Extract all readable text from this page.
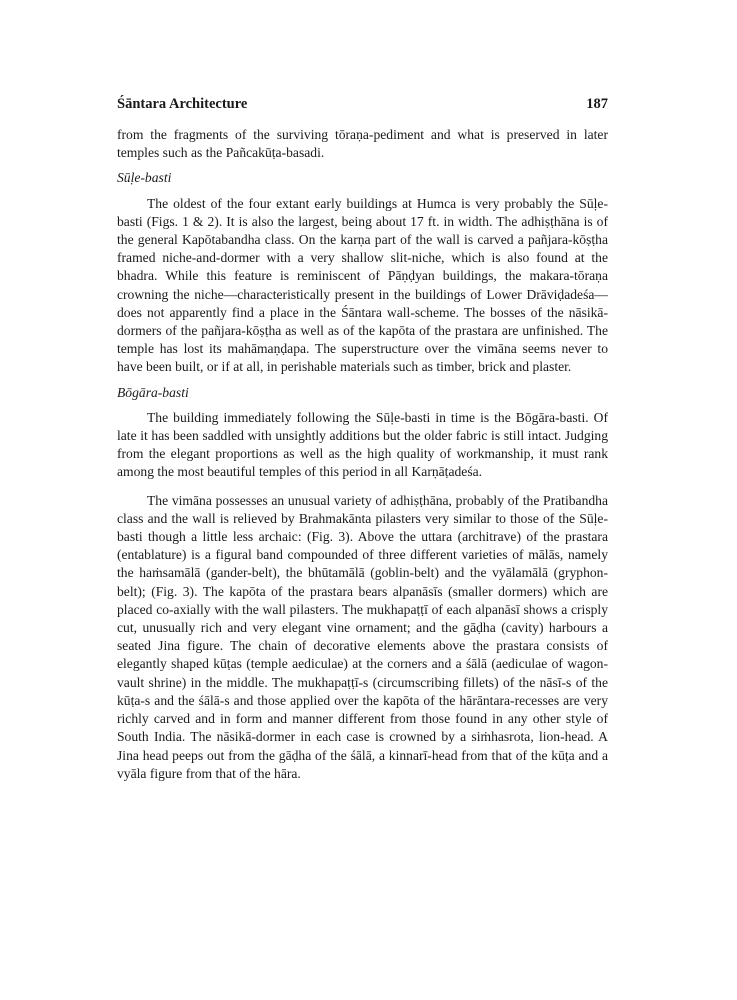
Śāntara Architecture	187

from the fragments of the surviving tōraṇa-pediment and what is preserved in later temples such as the Pañcakūṭa-basadi.

Sūḷe-basti

The oldest of the four extant early buildings at Humca is very probably the Sūḷe-basti (Figs. 1 & 2). It is also the largest, being about 17 ft. in width. The adhiṣṭhāna is of the general Kapōtabandha class. On the karṇa part of the wall is carved a pañjara-kōṣṭha framed niche-and-dormer with a very shallow slit-niche, which is also found at the bhadra. While this feature is reminiscent of Pāṇḍyan buildings, the makara-tōraṇa crowning the niche—characteristically present in the buildings of Lower Drāviḍadeśa—does not apparently find a place in the Śāntara wall-scheme. The bosses of the nāsikā-dormers of the pañjara-kōṣṭha as well as of the kapōta of the prastara are unfinished. The temple has lost its mahāmaṇḍapa. The superstructure over the vimāna seems never to have been built, or if at all, in perishable materials such as timber, brick and plaster.

Bōgāra-basti

The building immediately following the Sūḷe-basti in time is the Bōgāra-basti. Of late it has been saddled with unsightly additions but the older fabric is still intact. Judging from the elegant proportions as well as the high quality of workmanship, it must rank among the most beautiful temples of this period in all Karṇāṭadeśa.

The vimāna possesses an unusual variety of adhiṣṭhāna, probably of the Pratibandha class and the wall is relieved by Brahmakānta pilasters very similar to those of the Sūḷe-basti though a little less archaic: (Fig. 3). Above the uttara (architrave) of the prastara (entablature) is a figural band compounded of three different varieties of mālās, namely the haṁsamālā (gander-belt), the bhūtamālā (goblin-belt) and the vyālamālā (gryphon-belt); (Fig. 3). The kapōta of the prastara bears alpanāsīs (smaller dormers) which are placed co-axially with the wall pilasters. The mukhapaṭṭī of each alpanāsī shows a crisply cut, unusually rich and very elegant vine ornament; and the gāḍha (cavity) harbours a seated Jina figure. The chain of decorative elements above the prastara consists of elegantly shaped kūṭas (temple aediculae) at the corners and a śālā (aediculae of wagon-vault shrine) in the middle. The mukhapaṭṭī-s (circumscribing fillets) of the nāsī-s of the kūṭa-s and the śālā-s and those applied over the kapōta of the hārāntara-recesses are very richly carved and in form and manner different from those found in any other style of South India. The nāsikā-dormer in each case is crowned by a siṁhasrota, lion-head. A Jina head peeps out from the gāḍha of the śālā, a kinnarī-head from that of the kūṭa and a vyāla figure from that of the hāra.
